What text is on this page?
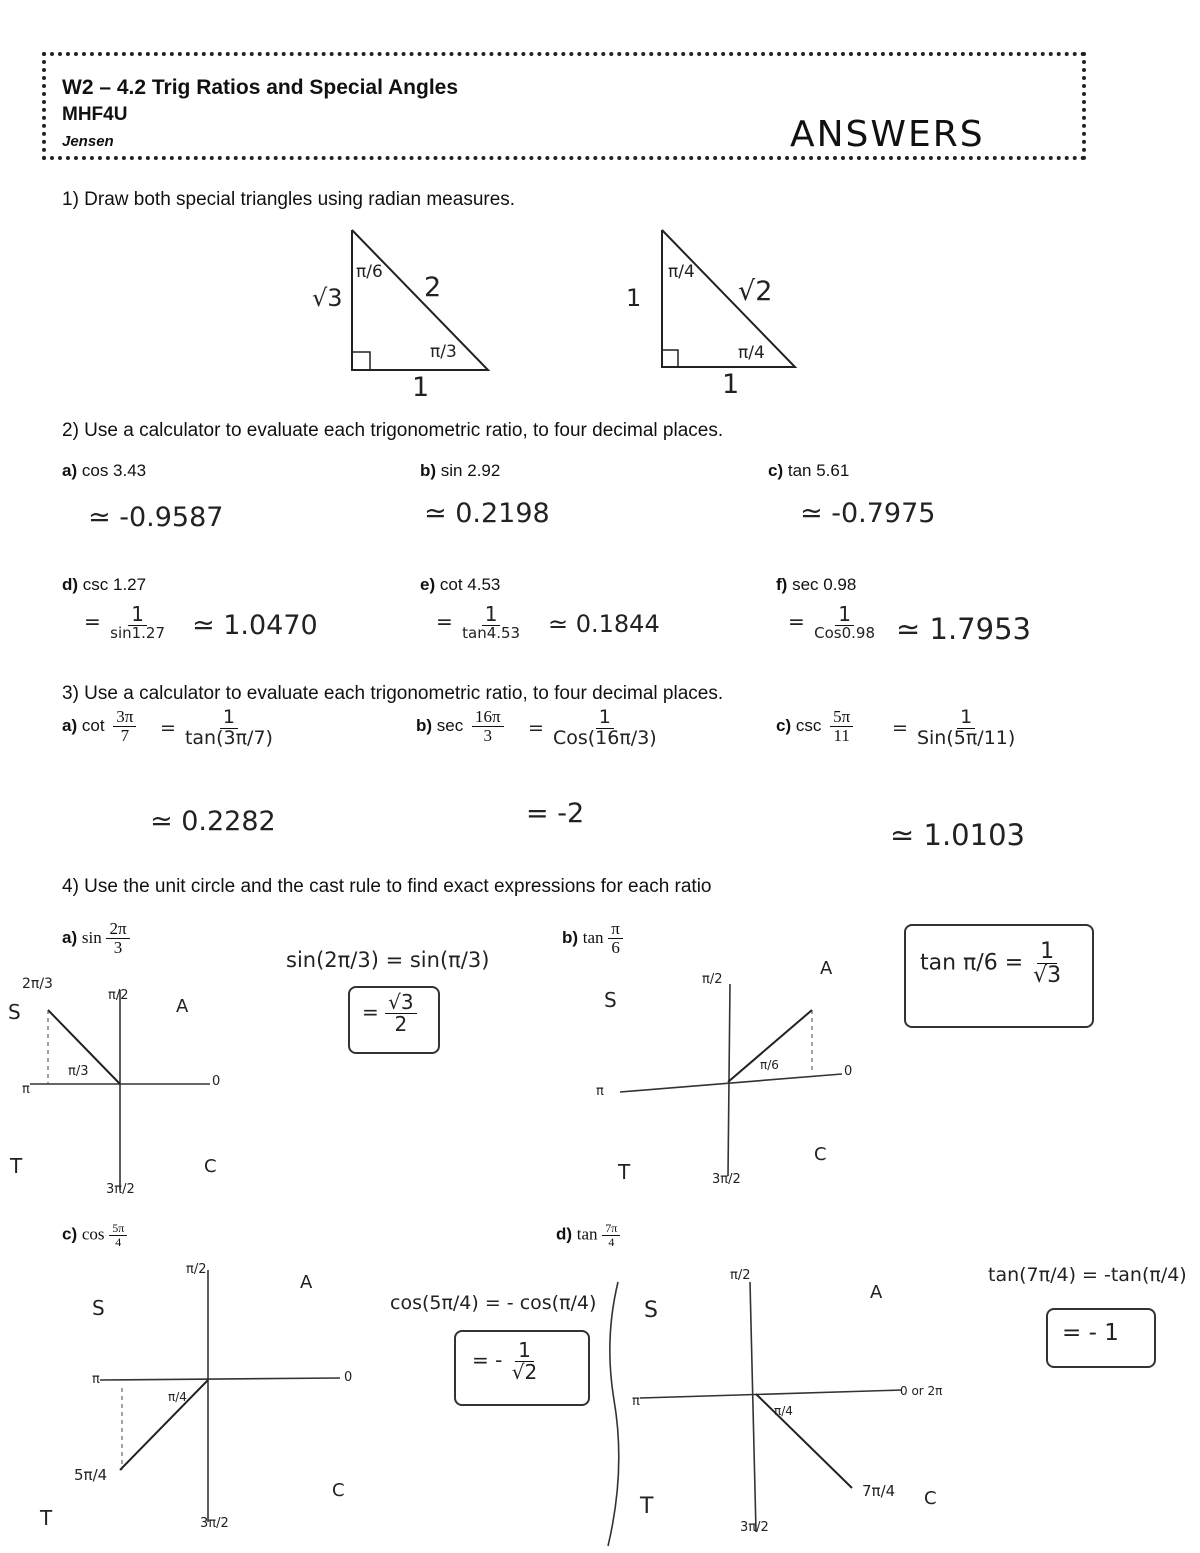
W2 – 4.2 Trig Ratios and Special Angles
MHF4U
Jensen	ANSWERS
1) Draw both special triangles using radian measures.
√3
π/6 2
π/3
1
1
π/4
√2
π/4
1
2) Use a calculator to evaluate each trigonometric ratio, to four decimal places.
a) cos 3.43	b) sin 2.92	c) tan 5.61
≃ -0.9587	≃ 0.2198	≃ -0.7975
d) csc 1.27	e) cot 4.53	f) sec 0.98
= $\frac{1}{\sin 1.27}$ ≃ 1.0470	= $\frac{1}{\tan 4.53}$ ≃ 0.1844	= $\frac{1}{\text{Cos0.98}}$ ≃ 1.7953
3) Use a calculator to evaluate each trigonometric ratio, to four decimal places.
a) $\cot \frac{3\pi}{7} = \frac{1}{\tan(3\pi/7)}$
≃ 0.2282
b) $\sec \frac{16\pi}{3} = \frac{1}{\text{Cos(16π/3)}}$
= -2
c) $\csc \frac{5\pi}{11} = \frac{1}{\text{Sin(5π/11)}}$
≃ 1.0103
4) Use the unit circle and the cast rule to find exact expressions for each ratio
a) $\sin \frac{2\pi}{3}$
π/2
3π/2
π
0
2π/3
π/3
S	A
T	C
sin(2π/3) = sin(π/3)
= $\frac{√3}{2}$
b) $\tan \frac{\pi}{6}$
π/2
3π/2
π
0
π/6
S
A
T
C
$\tan \pi/6 = \frac{1}{√3}$
c) $\cos \frac{5\pi}{4}$
π/2
3π/2
π	0
5π/4
π/4
S
A
T
C
cos(5π/4) = - cos(π/4)
= - $\frac{1}{√2}$
d) $\tan \frac{7\pi}{4}$
π/2
3π/2
π
0 or 2π
7π/4
π/4
S
A
T	C
tan(7π/4) = -tan(π/4)
= - 1
